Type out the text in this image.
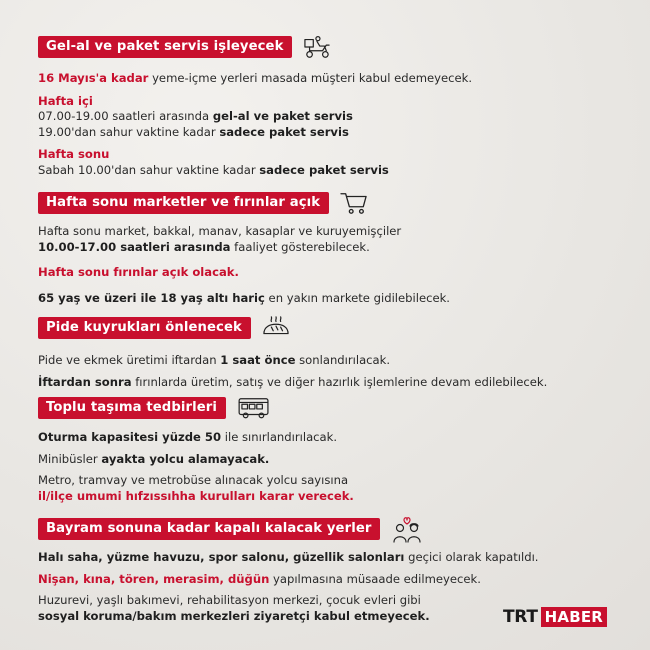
Gel-al ve paket servis işleyecek
16 Mayıs'a kadar yeme-içme yerleri masada müşteri kabul edemeyecek.
Hafta içi
07.00-19.00 saatleri arasında gel-al ve paket servis
19.00'dan sahur vaktine kadar sadece paket servis
Hafta sonu
Sabah 10.00'dan sahur vaktine kadar sadece paket servis
Hafta sonu marketler ve fırınlar açık
Hafta sonu market, bakkal, manav, kasaplar ve kuruyemişçiler
10.00-17.00 saatleri arasında faaliyet gösterebilecek.
Hafta sonu fırınlar açık olacak.
65 yaş ve üzeri ile 18 yaş altı hariç en yakın markete gidilebilecek.
Pide kuyrukları önlenecek
Pide ve ekmek üretimi iftardan 1 saat önce sonlandırılacak.
İftardan sonra fırınlarda üretim, satış ve diğer hazırlık işlemlerine devam edilebilecek.
Toplu taşıma tedbirleri
Oturma kapasitesi yüzde 50 ile sınırlandırılacak.
Minibüsler ayakta yolcu alamayacak.
Metro, tramvay ve metrobüse alınacak yolcu sayısına
il/ilçe umumi hıfzıssıhha kurulları karar verecek.
Bayram sonuna kadar kapalı kalacak yerler
Halı saha, yüzme havuzu, spor salonu, güzellik salonları geçici olarak kapatıldı.
Nişan, kına, tören, merasim, düğün yapılmasına müsaade edilmeyecek.
Huzurevi, yaşlı bakımevi, rehabilitasyon merkezi, çocuk evleri gibi
sosyal koruma/bakım merkezleri ziyaretçi kabul etmeyecek.	TRT HABER
